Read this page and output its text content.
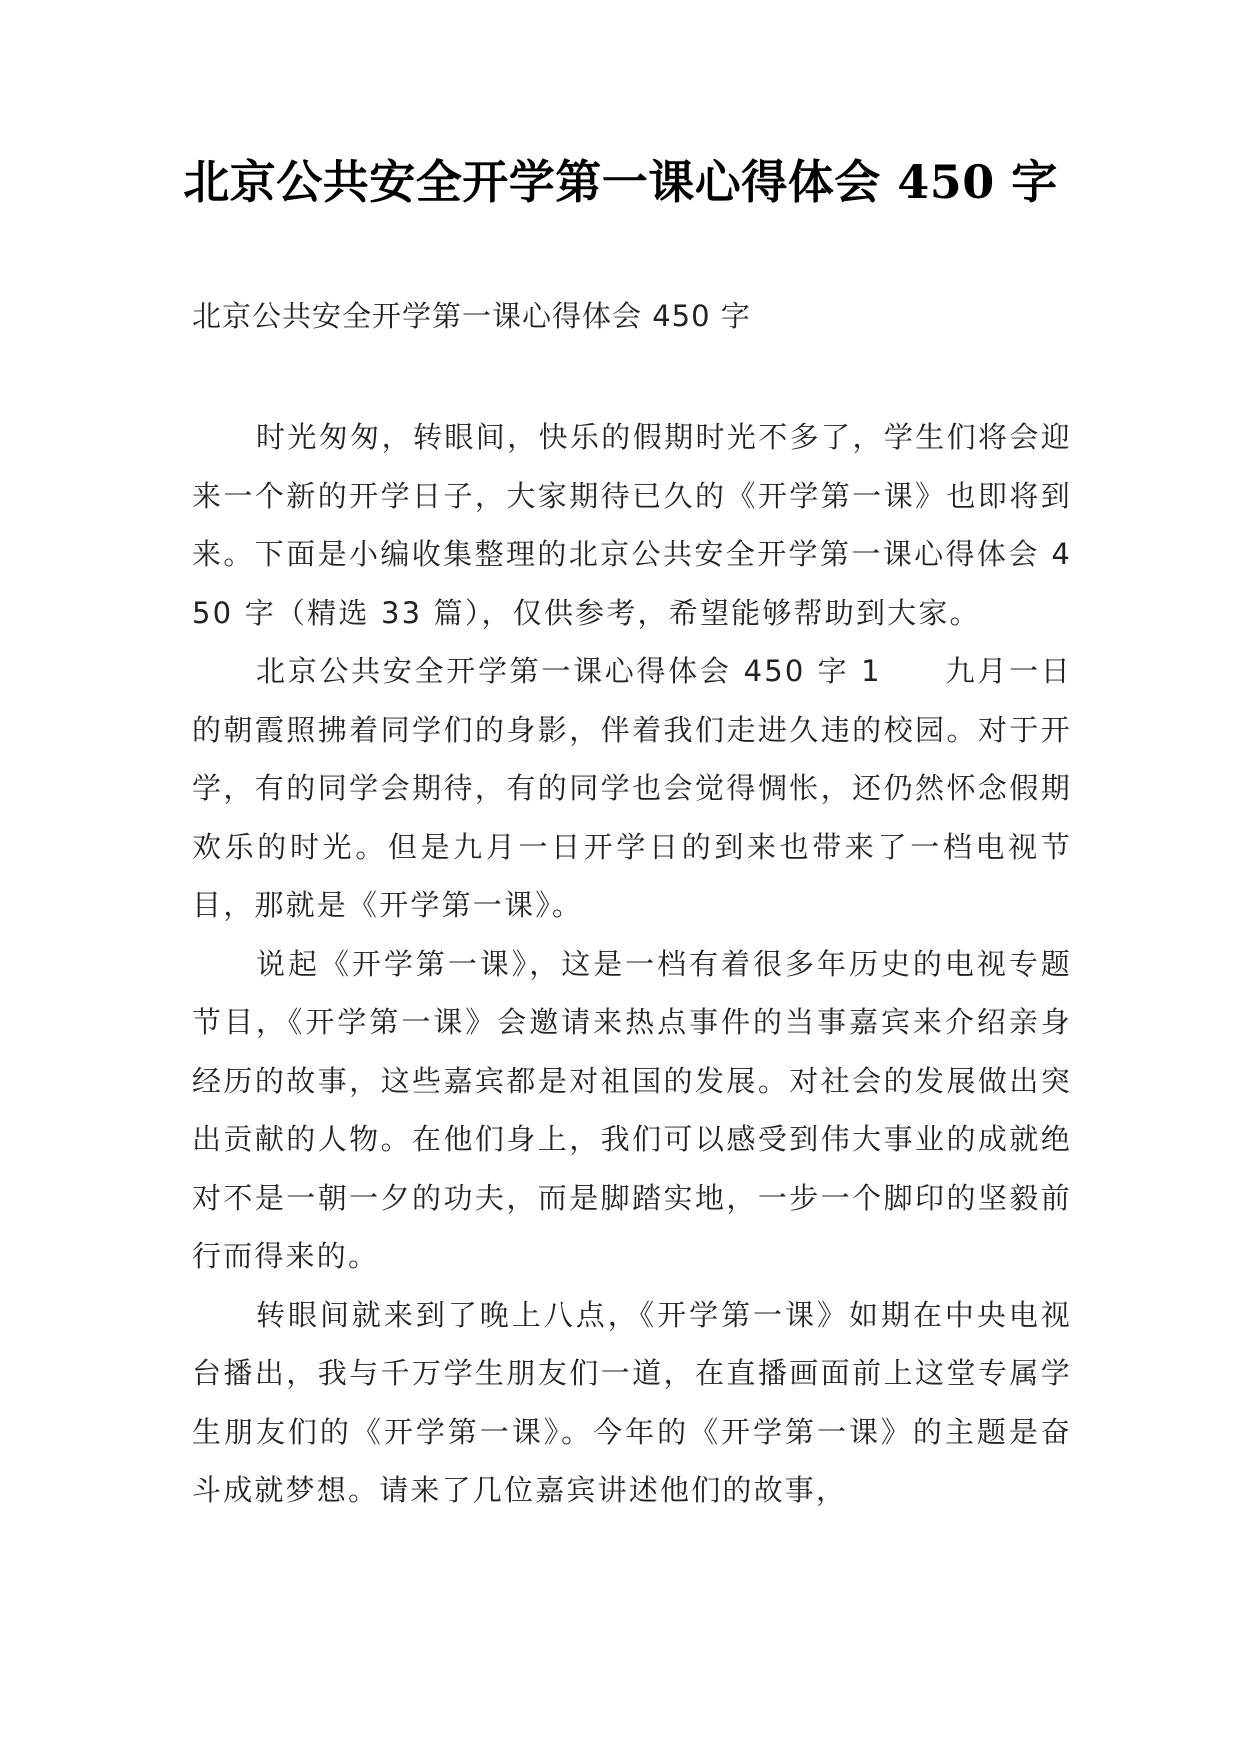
北京公共安全开学第一课心得体会 450 字

北京公共安全开学第一课心得体会 450 字

时光匆匆，转眼间，快乐的假期时光不多了，学生们将会迎来一个新的开学日子，大家期待已久的《开学第一课》也即将到来。下面是小编收集整理的北京公共安全开学第一课心得体会 450 字（精选 33 篇），仅供参考，希望能够帮助到大家。

北京公共安全开学第一课心得体会 450 字 1　　九月一日的朝霞照拂着同学们的身影，伴着我们走进久违的校园。对于开学，有的同学会期待，有的同学也会觉得惆怅，还仍然怀念假期欢乐的时光。但是九月一日开学日的到来也带来了一档电视节目，那就是《开学第一课》。

说起《开学第一课》，这是一档有着很多年历史的电视专题节目，《开学第一课》会邀请来热点事件的当事嘉宾来介绍亲身经历的故事，这些嘉宾都是对祖国的发展。对社会的发展做出突出贡献的人物。在他们身上，我们可以感受到伟大事业的成就绝对不是一朝一夕的功夫，而是脚踏实地，一步一个脚印的坚毅前行而得来的。

转眼间就来到了晚上八点，《开学第一课》如期在中央电视台播出，我与千万学生朋友们一道，在直播画面前上这堂专属学生朋友们的《开学第一课》。今年的《开学第一课》的主题是奋斗成就梦想。请来了几位嘉宾讲述他们的故事，
